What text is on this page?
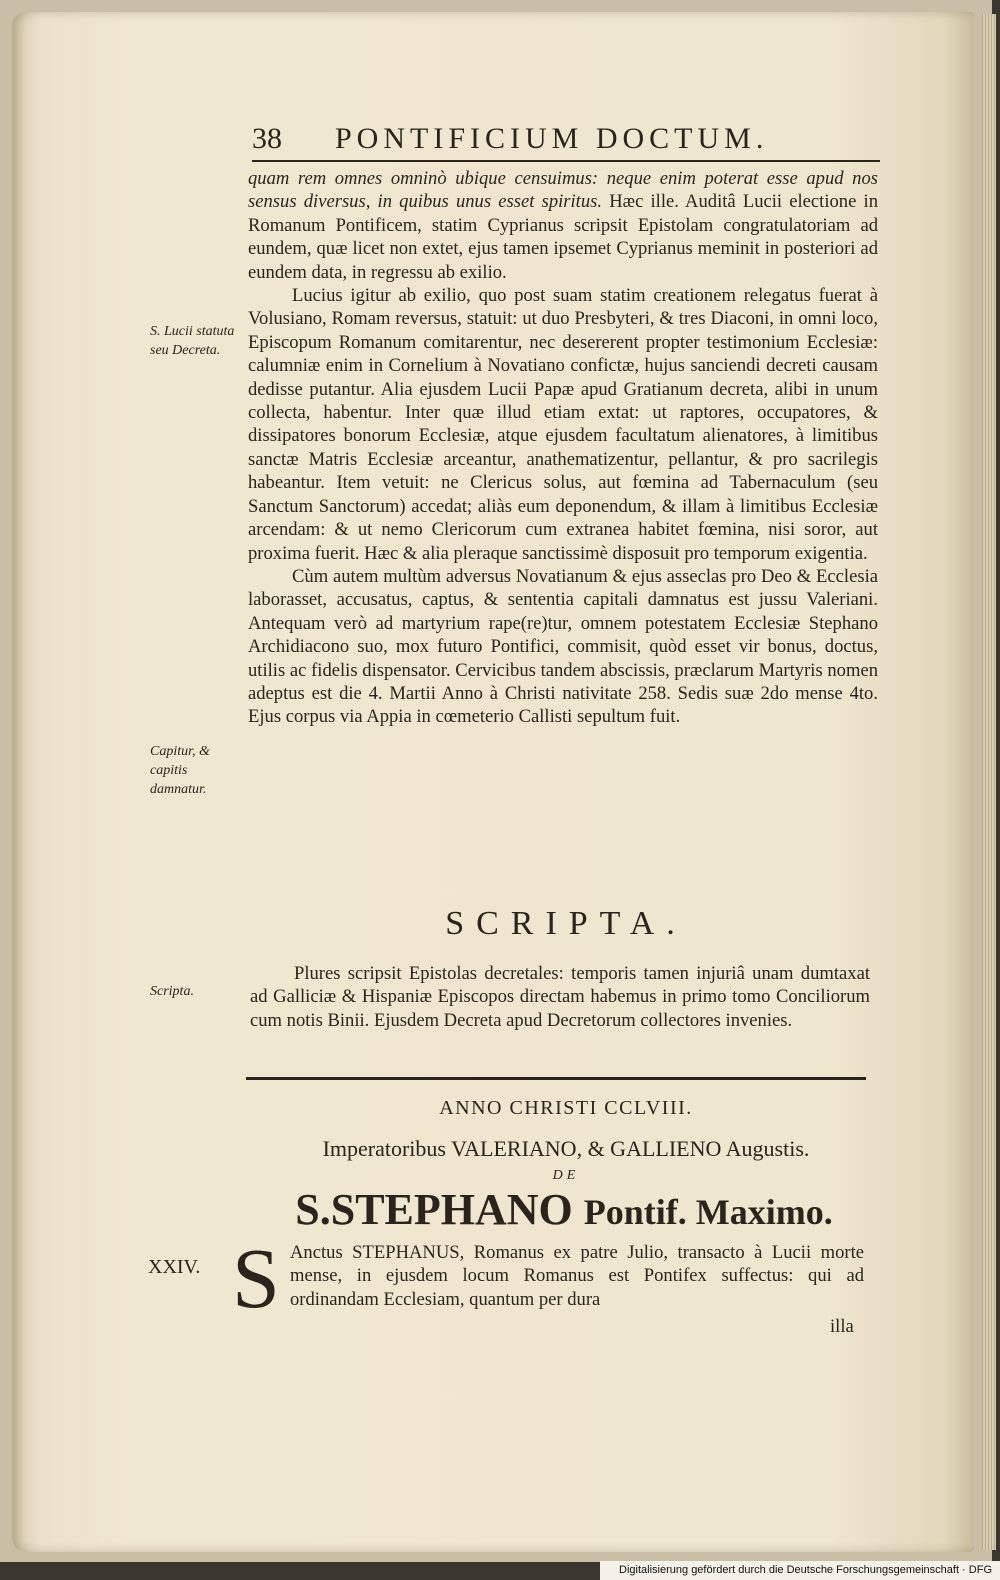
38 PONTIFICIUM DOCTUM.

quam rem omnes omninò ubique censuimus: neque enim poterat esse apud nos sensus diversus, in quibus unus esset spiritus. Hæc ille. Auditâ Lucii electione in Romanum Pontificem, statim Cyprianus scripsit Epistolam congratulatoriam ad eundem, quæ licet non extet, ejus tamen ipsemet Cyprianus meminit in posteriori ad eundem data, in regressu ab exilio.

Lucius igitur ab exilio, quo post suam statim creationem relegatus fuerat à Volusiano, Romam reversus, statuit: ut duo Presbyteri, & tres Diaconi, in omni loco, Episcopum Romanum comitarentur, nec desererent propter testimonium Ecclesiæ: calumniæ enim in Cornelium à Novatiano confictæ, hujus sanciendi decreti causam dedisse putantur. Alia ejusdem Lucii Papæ apud Gratianum decreta, alibi in unum collecta, habentur. Inter quæ illud etiam extat: ut raptores, occupatores, & dissipatores bonorum Ecclesiæ, atque ejusdem facultatum alienatores, à limitibus sanctæ Matris Ecclesiæ arceantur, anathematizentur, pellantur, & pro sacrilegis habeantur. Item vetuit: ne Clericus solus, aut fœmina ad Tabernaculum (seu Sanctum Sanctorum) accedat; aliàs eum deponendum, & illam à limitibus Ecclesiæ arcendam: & ut nemo Clericorum cum extranea habitet fœmina, nisi soror, aut proxima fuerit. Hæc & alia pleraque sanctissimè disposuit pro temporum exigentia.

Cùm autem multùm adversus Novatianum & ejus asseclas pro Deo & Ecclesia laborasset, accusatus, captus, & sententia capitali damnatus est jussu Valeriani. Antequam verò ad martyrium rape(re)tur, omnem potestatem Ecclesiæ Stephano Archidiacono suo, mox futuro Pontifici, commisit, quòd esset vir bonus, doctus, utilis ac fidelis dispensator. Cervicibus tandem abscissis, præclarum Martyris nomen adeptus est die 4. Martii Anno à Christi nativitate 258. Sedis suæ 2do mense 4to. Ejus corpus via Appia in cœmeterio Callisti sepultum fuit.

S. Lucii statuta seu Decreta.
Capitur, & capitis damnatur.
Scripta.
SCRIPTA.

Plures scripsit Epistolas decretales: temporis tamen injuriâ unam dumtaxat ad Galliciæ & Hispaniæ Episcopos directam habemus in primo tomo Conciliorum cum notis Binii. Ejusdem Decreta apud Decretorum collectores invenies.

ANNO CHRISTI CCLVIII.
Imperatoribus VALERIANO, & GALLIENO Augustis.
DE
S.STEPHANO Pontif. Maximo.
XXIV. S Anctus STEPHANUS, Romanus ex patre Julio, transacto à Lucii morte mense, in ejusdem locum Romanus est Pontifex suffectus: qui ad ordinandam Ecclesiam, quantum per dura
illa
Digitalisierung gefördert durch die Deutsche Forschungsgemeinschaft · DFG
